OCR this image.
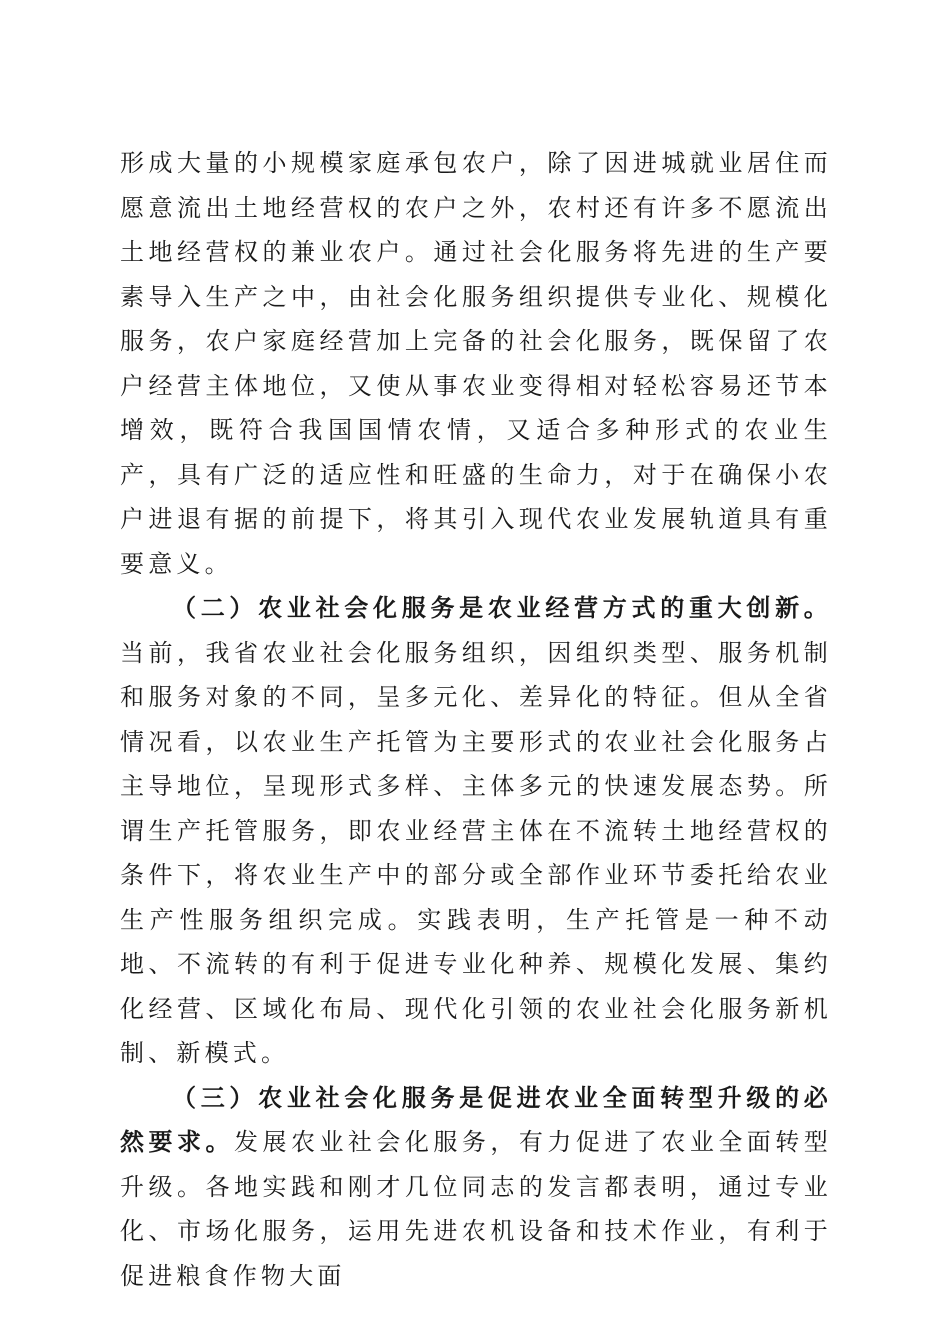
形成大量的小规模家庭承包农户，除了因进城就业居住而愿意流出土地经营权的农户之外，农村还有许多不愿流出土地经营权的兼业农户。通过社会化服务将先进的生产要素导入生产之中，由社会化服务组织提供专业化、规模化服务，农户家庭经营加上完备的社会化服务，既保留了农户经营主体地位，又使从事农业变得相对轻松容易还节本增效，既符合我国国情农情，又适合多种形式的农业生产，具有广泛的适应性和旺盛的生命力，对于在确保小农户进退有据的前提下，将其引入现代农业发展轨道具有重要意义。

（二）农业社会化服务是农业经营方式的重大创新。当前，我省农业社会化服务组织，因组织类型、服务机制和服务对象的不同，呈多元化、差异化的特征。但从全省情况看，以农业生产托管为主要形式的农业社会化服务占主导地位，呈现形式多样、主体多元的快速发展态势。所谓生产托管服务，即农业经营主体在不流转土地经营权的条件下，将农业生产中的部分或全部作业环节委托给农业生产性服务组织完成。实践表明，生产托管是一种不动地、不流转的有利于促进专业化种养、规模化发展、集约化经营、区域化布局、现代化引领的农业社会化服务新机制、新模式。

（三）农业社会化服务是促进农业全面转型升级的必然要求。发展农业社会化服务，有力促进了农业全面转型升级。各地实践和刚才几位同志的发言都表明，通过专业化、市场化服务，运用先进农机设备和技术作业，有利于促进粮食作物大面
